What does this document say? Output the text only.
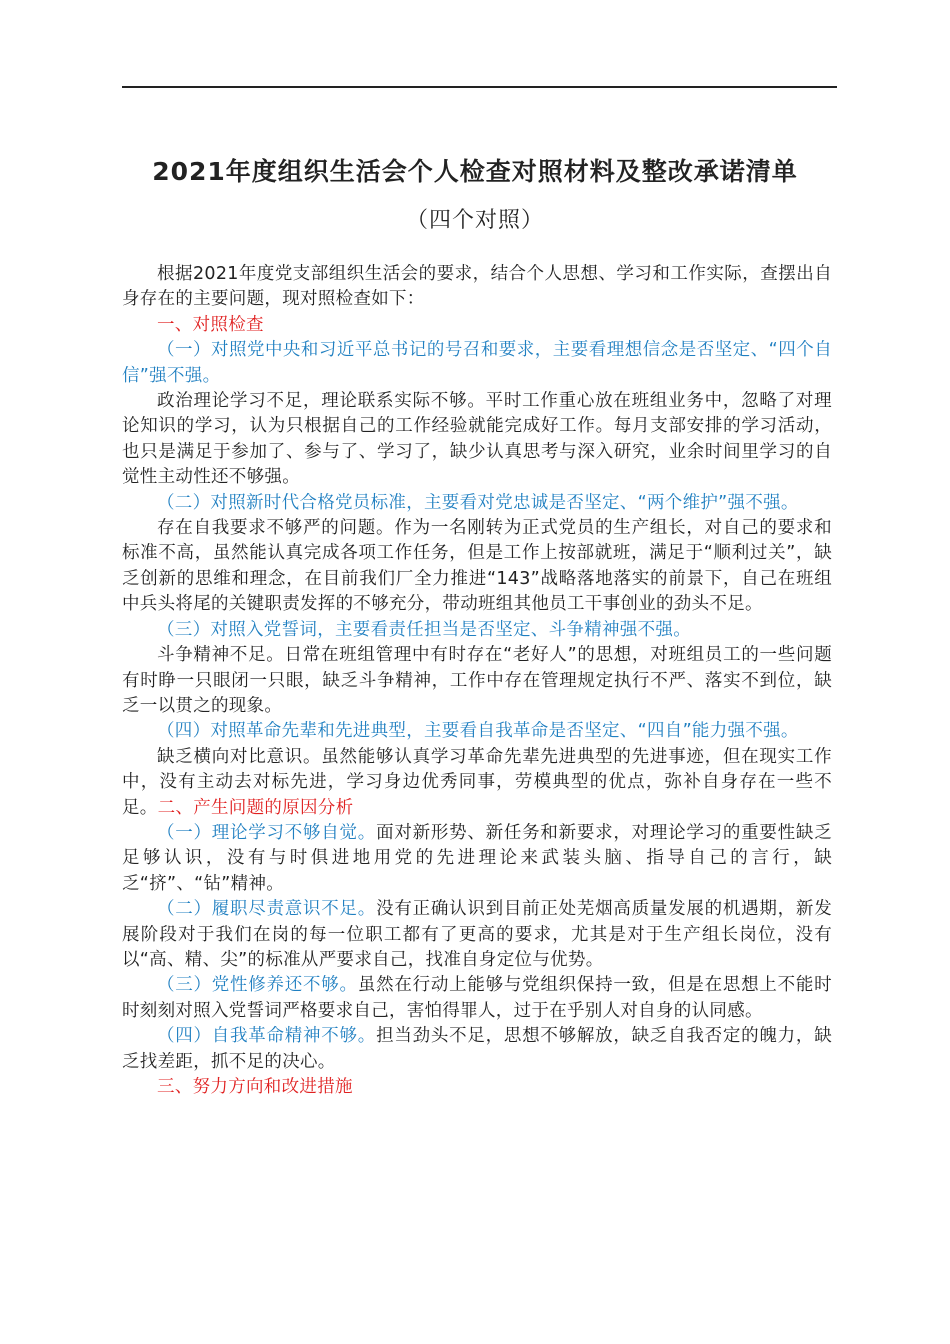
2021年度组织生活会个人检查对照材料及整改承诺清单
（四个对照）

根据2021年度党支部组织生活会的要求，结合个人思想、学习和工作实际，查摆出自身存在的主要问题，现对照检查如下：

一、对照检查

（一）对照党中央和习近平总书记的号召和要求，主要看理想信念是否坚定、“四个自信”强不强。

政治理论学习不足，理论联系实际不够。平时工作重心放在班组业务中，忽略了对理论知识的学习，认为只根据自己的工作经验就能完成好工作。每月支部安排的学习活动，也只是满足于参加了、参与了、学习了，缺少认真思考与深入研究，业余时间里学习的自觉性主动性还不够强。

（二）对照新时代合格党员标准，主要看对党忠诚是否坚定、“两个维护”强不强。

存在自我要求不够严的问题。作为一名刚转为正式党员的生产组长，对自己的要求和标准不高，虽然能认真完成各项工作任务，但是工作上按部就班，满足于“顺利过关”，缺乏创新的思维和理念，在目前我们厂全力推进“143”战略落地落实的前景下，自己在班组中兵头将尾的关键职责发挥的不够充分，带动班组其他员工干事创业的劲头不足。

（三）对照入党誓词，主要看责任担当是否坚定、斗争精神强不强。

斗争精神不足。日常在班组管理中有时存在“老好人”的思想，对班组员工的一些问题有时睁一只眼闭一只眼，缺乏斗争精神，工作中存在管理规定执行不严、落实不到位，缺乏一以贯之的现象。

（四）对照革命先辈和先进典型，主要看自我革命是否坚定、“四自”能力强不强。

缺乏横向对比意识。虽然能够认真学习革命先辈先进典型的先进事迹，但在现实工作中，没有主动去对标先进，学习身边优秀同事，劳模典型的优点，弥补自身存在一些不足。二、产生问题的原因分析

（一）理论学习不够自觉。面对新形势、新任务和新要求，对理论学习的重要性缺乏足够认识，没有与时俱进地用党的先进理论来武装头脑、指导自己的言行，缺乏“挤”、“钻”精神。

（二）履职尽责意识不足。没有正确认识到目前正处芜烟高质量发展的机遇期，新发展阶段对于我们在岗的每一位职工都有了更高的要求，尤其是对于生产组长岗位，没有以“高、精、尖”的标准从严要求自己，找准自身定位与优势。

（三）党性修养还不够。虽然在行动上能够与党组织保持一致，但是在思想上不能时时刻刻对照入党誓词严格要求自己，害怕得罪人，过于在乎别人对自身的认同感。

（四）自我革命精神不够。担当劲头不足，思想不够解放，缺乏自我否定的魄力，缺乏找差距，抓不足的决心。

三、努力方向和改进措施
